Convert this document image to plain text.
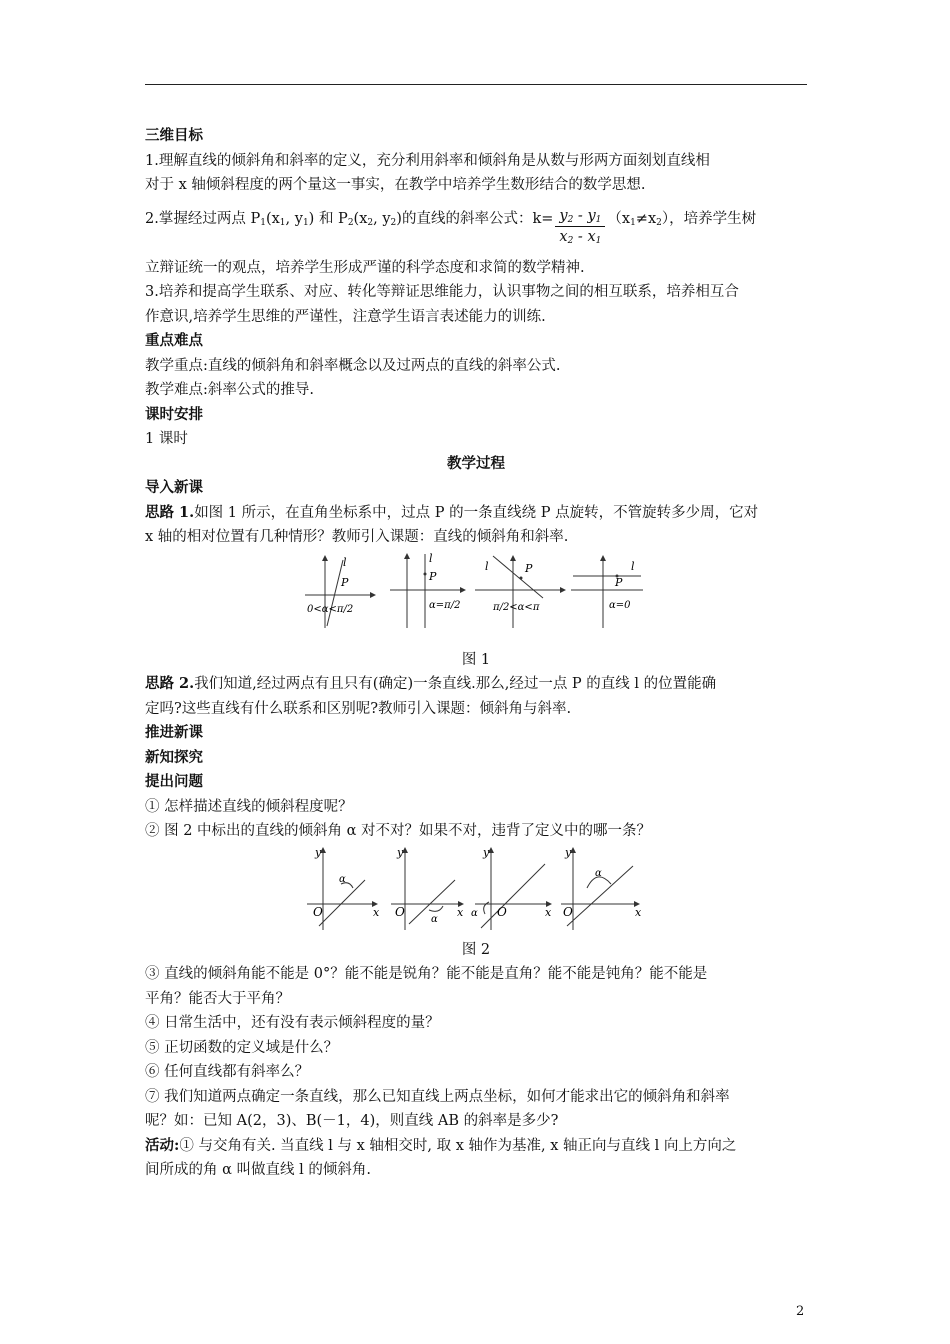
三维目标
1.理解直线的倾斜角和斜率的定义，充分利用斜率和倾斜角是从数与形两方面刻划直线相
对于 x 轴倾斜程度的两个量这一事实，在教学中培养学生数形结合的数学思想.
2.掌握经过两点 $P_1(x_1$, $y_1$) 和 $P_2(x_2$, $y_2$)的直线的斜率公式：$k= \frac{y_2 - y_1}{x_2 - x_1} (x_1\ne x_2)$，培养学生树
立辩证统一的观点，培养学生形成严谨的科学态度和求简的数学精神.
3.培养和提高学生联系、对应、转化等辩证思维能力，认识事物之间的相互联系，培养相互合
作意识,培养学生思维的严谨性，注意学生语言表述能力的训练.
重点难点
教学重点:直线的倾斜角和斜率概念以及过两点的直线的斜率公式.
教学难点:斜率公式的推导.
课时安排
1 课时
教学过程
导入新课
思路 1.如图 1 所示，在直角坐标系中，过点 P 的一条直线绕 P 点旋转，不管旋转多少周，它对
x 轴的相对位置有几种情形？教师引入课题：直线的倾斜角和斜率.
l
P
0<α<π/2
l
P
α=π/2
l	P
π/2<α<π
l
P
α=0
图 1
思路 2.我们知道,经过两点有且只有(确定)一条直线.那么,经过一点 P 的直线 l 的位置能确
定吗?这些直线有什么联系和区别呢?教师引入课题：倾斜角与斜率.
推进新课
新知探究
提出问题
① 怎样描述直线的倾斜程度呢？
② 图 2 中标出的直线的倾斜角 α 对不对？如果不对，违背了定义中的哪一条？
y
O	x
α
y
O	x
α
y
O	x
α
y
O	x
α
图 2
③ 直线的倾斜角能不能是 0°？能不能是锐角？能不能是直角？能不能是钝角？能不能是
平角？能否大于平角？
④ 日常生活中，还有没有表示倾斜程度的量？
⑤ 正切函数的定义域是什么？
⑥ 任何直线都有斜率么？
⑦ 我们知道两点确定一条直线，那么已知直线上两点坐标，如何才能求出它的倾斜角和斜率
呢？如：已知 A(2，3)、B(－1，4)，则直线 AB 的斜率是多少?
活动:① 与交角有关. 当直线 l 与 x 轴相交时, 取 x 轴作为基准, x 轴正向与直线 l 向上方向之
间所成的角 α 叫做直线 l 的倾斜角.
2
